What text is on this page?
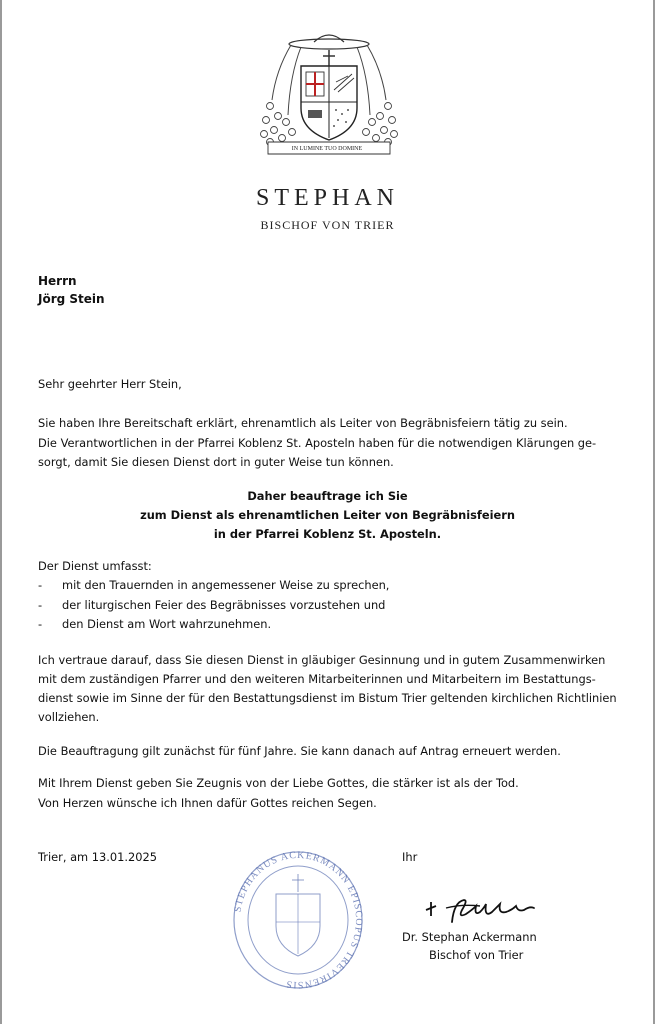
IN LUMINE TUO DOMINE
STEPHAN
BISCHOF VON TRIER
Herrn
Jörg Stein
Sehr geehrter Herr Stein,
Sie haben Ihre Bereitschaft erklärt, ehrenamtlich als Leiter von Begräbnisfeiern tätig zu sein.
Die Verantwortlichen in der Pfarrei Koblenz St. Aposteln haben für die notwendigen Klärungen ge-
sorgt, damit Sie diesen Dienst dort in guter Weise tun können.
Daher beauftrage ich Sie
zum Dienst als ehrenamtlichen Leiter von Begräbnisfeiern
in der Pfarrei Koblenz St. Aposteln.
Der Dienst umfasst:
- mit den Trauernden in angemessener Weise zu sprechen,
- der liturgischen Feier des Begräbnisses vorzustehen und
- den Dienst am Wort wahrzunehmen.
Ich vertraue darauf, dass Sie diesen Dienst in gläubiger Gesinnung und in gutem Zusammenwirken
mit dem zuständigen Pfarrer und den weiteren Mitarbeiterinnen und Mitarbeitern im Bestattungs-
dienst sowie im Sinne der für den Bestattungsdienst im Bistum Trier geltenden kirchlichen Richtlinien
vollziehen.
Die Beauftragung gilt zunächst für fünf Jahre. Sie kann danach auf Antrag erneuert werden.
Mit Ihrem Dienst geben Sie Zeugnis von der Liebe Gottes, die stärker ist als der Tod.
Von Herzen wünsche ich Ihnen dafür Gottes reichen Segen.
Trier, am 13.01.2025	Ihr
STEPHANUS ACKERMANN EPISCOPUS TREVIRENSIS
Dr. Stephan Ackermann
Bischof von Trier
